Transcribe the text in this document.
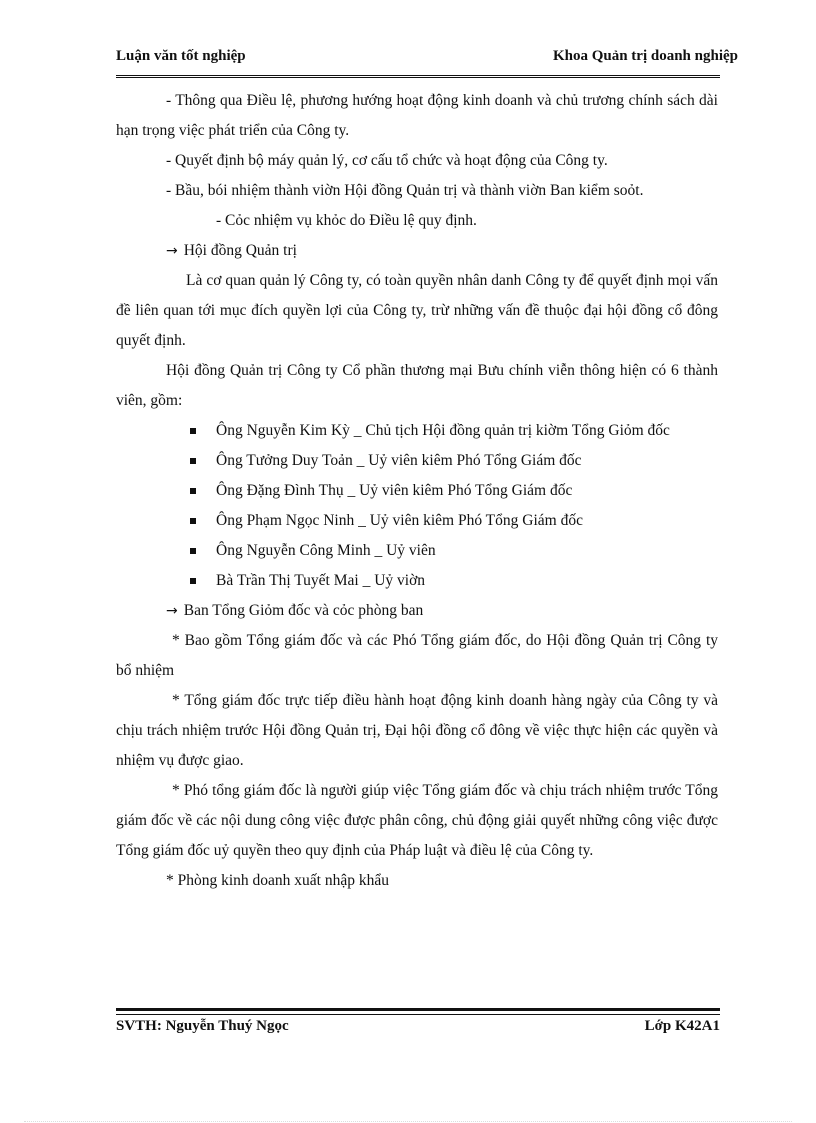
Luận văn tốt nghiệp	Khoa Quản trị doanh nghiệp

- Thông qua Điều lệ, phương hướng hoạt động kinh doanh và chủ trương chính sách dài hạn trọng việc phát triển của Công ty.

- Quyết định bộ máy quản lý, cơ cấu tổ chức và hoạt động của Công ty.

- Bầu, bói nhiệm thành viờn Hội đồng Quản trị và thành viờn Ban kiểm soỏt.

- Cỏc nhiệm vụ khỏc do Điều lệ quy định.

→ Hội đồng Quản trị

Là cơ quan quản lý Công ty, có toàn quyền nhân danh Công ty để quyết định mọi vấn đề liên quan tới mục đích quyền lợi của Công ty, trừ những vấn đề thuộc đại hội đồng cổ đông quyết định.

Hội đồng Quản trị Công ty Cổ phần thương mại Bưu chính viễn thông hiện có 6 thành viên, gồm:

Ông Nguyễn Kim Kỳ _ Chủ tịch Hội đồng quản trị kiờm Tổng Giỏm đốc
Ông Tưởng Duy Toản _ Uỷ viên kiêm Phó Tổng Giám đốc
Ông Đặng Đình Thụ _ Uỷ viên kiêm Phó Tổng Giám đốc
Ông Phạm Ngọc Ninh _ Uỷ viên kiêm Phó Tổng Giám đốc
Ông Nguyễn Công Minh _ Uỷ viên
Bà Trần Thị Tuyết Mai _ Uỷ viờn

→ Ban Tổng Giỏm đốc và cỏc phòng ban

* Bao gồm Tổng giám đốc và các Phó Tổng giám đốc, do Hội đồng Quản trị Công ty bổ nhiệm

* Tổng giám đốc trực tiếp điều hành hoạt động kinh doanh hàng ngày của Công ty và chịu trách nhiệm trước Hội đồng Quản trị, Đại hội đồng cổ đông về việc thực hiện các quyền và nhiệm vụ được giao.

* Phó tổng giám đốc là người giúp việc Tổng giám đốc và chịu trách nhiệm trước Tổng giám đốc về các nội dung công việc được phân công, chủ động giải quyết những công việc được Tổng giám đốc uỷ quyền theo quy định của Pháp luật và điều lệ của Công ty.

* Phòng kinh doanh xuất nhập khẩu

SVTH: Nguyễn Thuý Ngọc	Lớp K42A1
